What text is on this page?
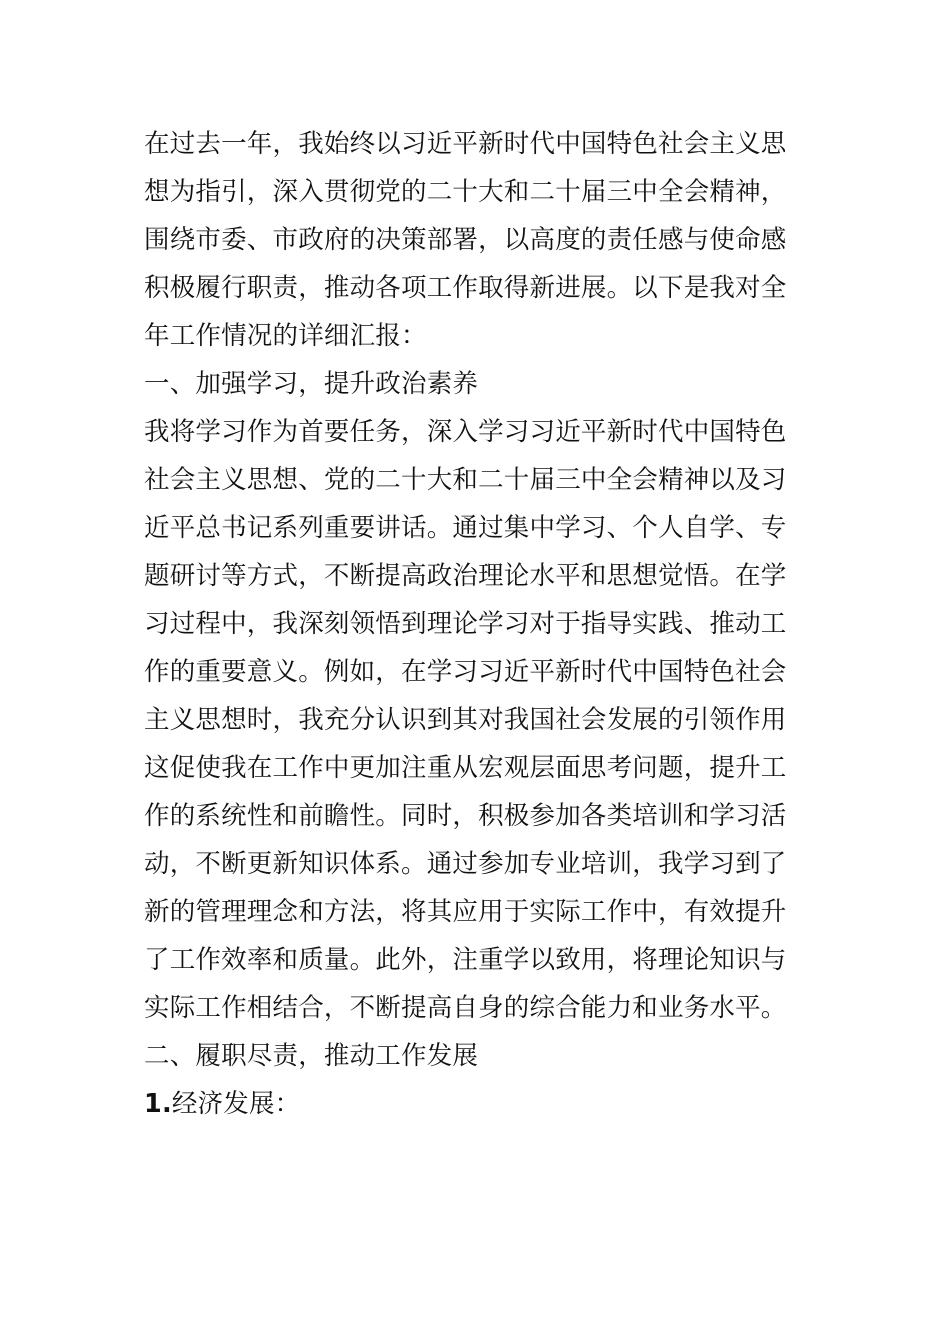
在过去一年，我始终以习近平新时代中国特色社会主义思
想为指引，深入贯彻党的二十大和二十届三中全会精神，
围绕市委、市政府的决策部署，以高度的责任感与使命感
积极履行职责，推动各项工作取得新进展。以下是我对全
年工作情况的详细汇报：
一、加强学习，提升政治素养
我将学习作为首要任务，深入学习习近平新时代中国特色
社会主义思想、党的二十大和二十届三中全会精神以及习
近平总书记系列重要讲话。通过集中学习、个人自学、专
题研讨等方式，不断提高政治理论水平和思想觉悟。在学
习过程中，我深刻领悟到理论学习对于指导实践、推动工
作的重要意义。例如，在学习习近平新时代中国特色社会
主义思想时，我充分认识到其对我国社会发展的引领作用
这促使我在工作中更加注重从宏观层面思考问题，提升工
作的系统性和前瞻性。同时，积极参加各类培训和学习活
动，不断更新知识体系。通过参加专业培训，我学习到了
新的管理理念和方法，将其应用于实际工作中，有效提升
了工作效率和质量。此外，注重学以致用，将理论知识与
实际工作相结合，不断提高自身的综合能力和业务水平。
二、履职尽责，推动工作发展
1.经济发展：
